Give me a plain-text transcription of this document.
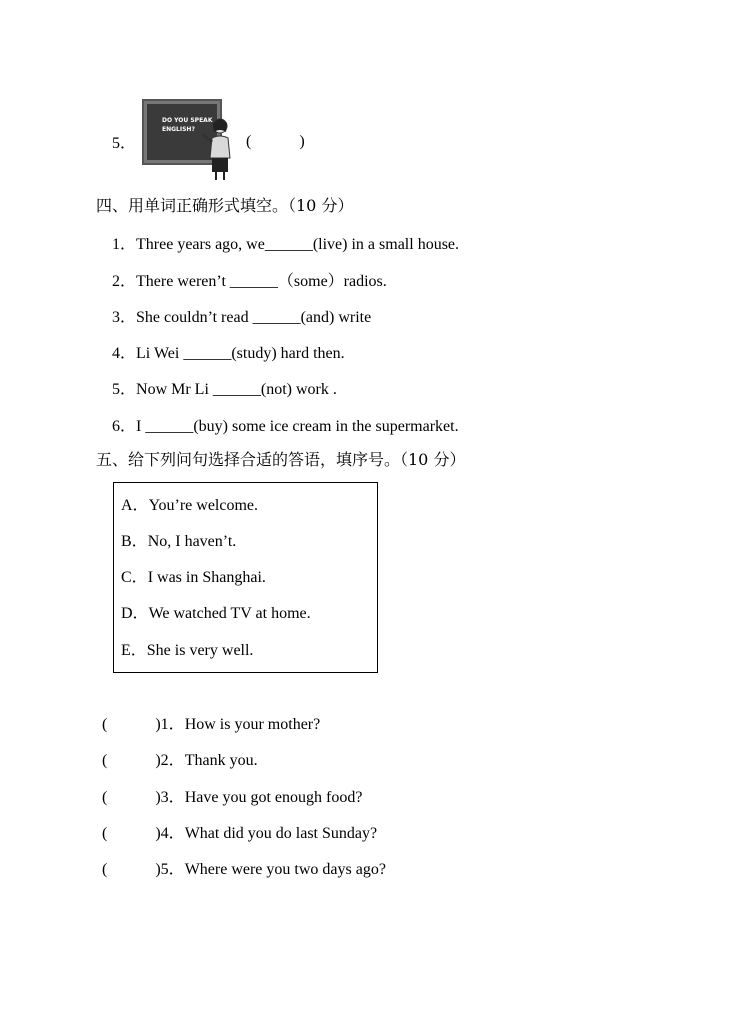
5．
DO YOU SPEAK
ENGLISH?
(　　　)
四、用单词正确形式填空。（10 分）
1．Three years ago, we______(live) in a small house.
2．There weren’t ______（some）radios.
3．She couldn’t read ______(and) write
4．Li Wei ______(study) hard then.
5．Now Mr Li ______(not) work .
6．I ______(buy) some ice cream in the supermarket.
五、给下列问句选择合适的答语，填序号。（10 分）
A．You’re welcome.
B．No, I haven’t.
C．I was in Shanghai.
D．We watched TV at home.
E．She is very well.
(　　　)1．How is your mother?
(　　　)2．Thank you.
(　　　)3．Have you got enough food?
(　　　)4．What did you do last Sunday?
(　　　)5．Where were you two days ago?
